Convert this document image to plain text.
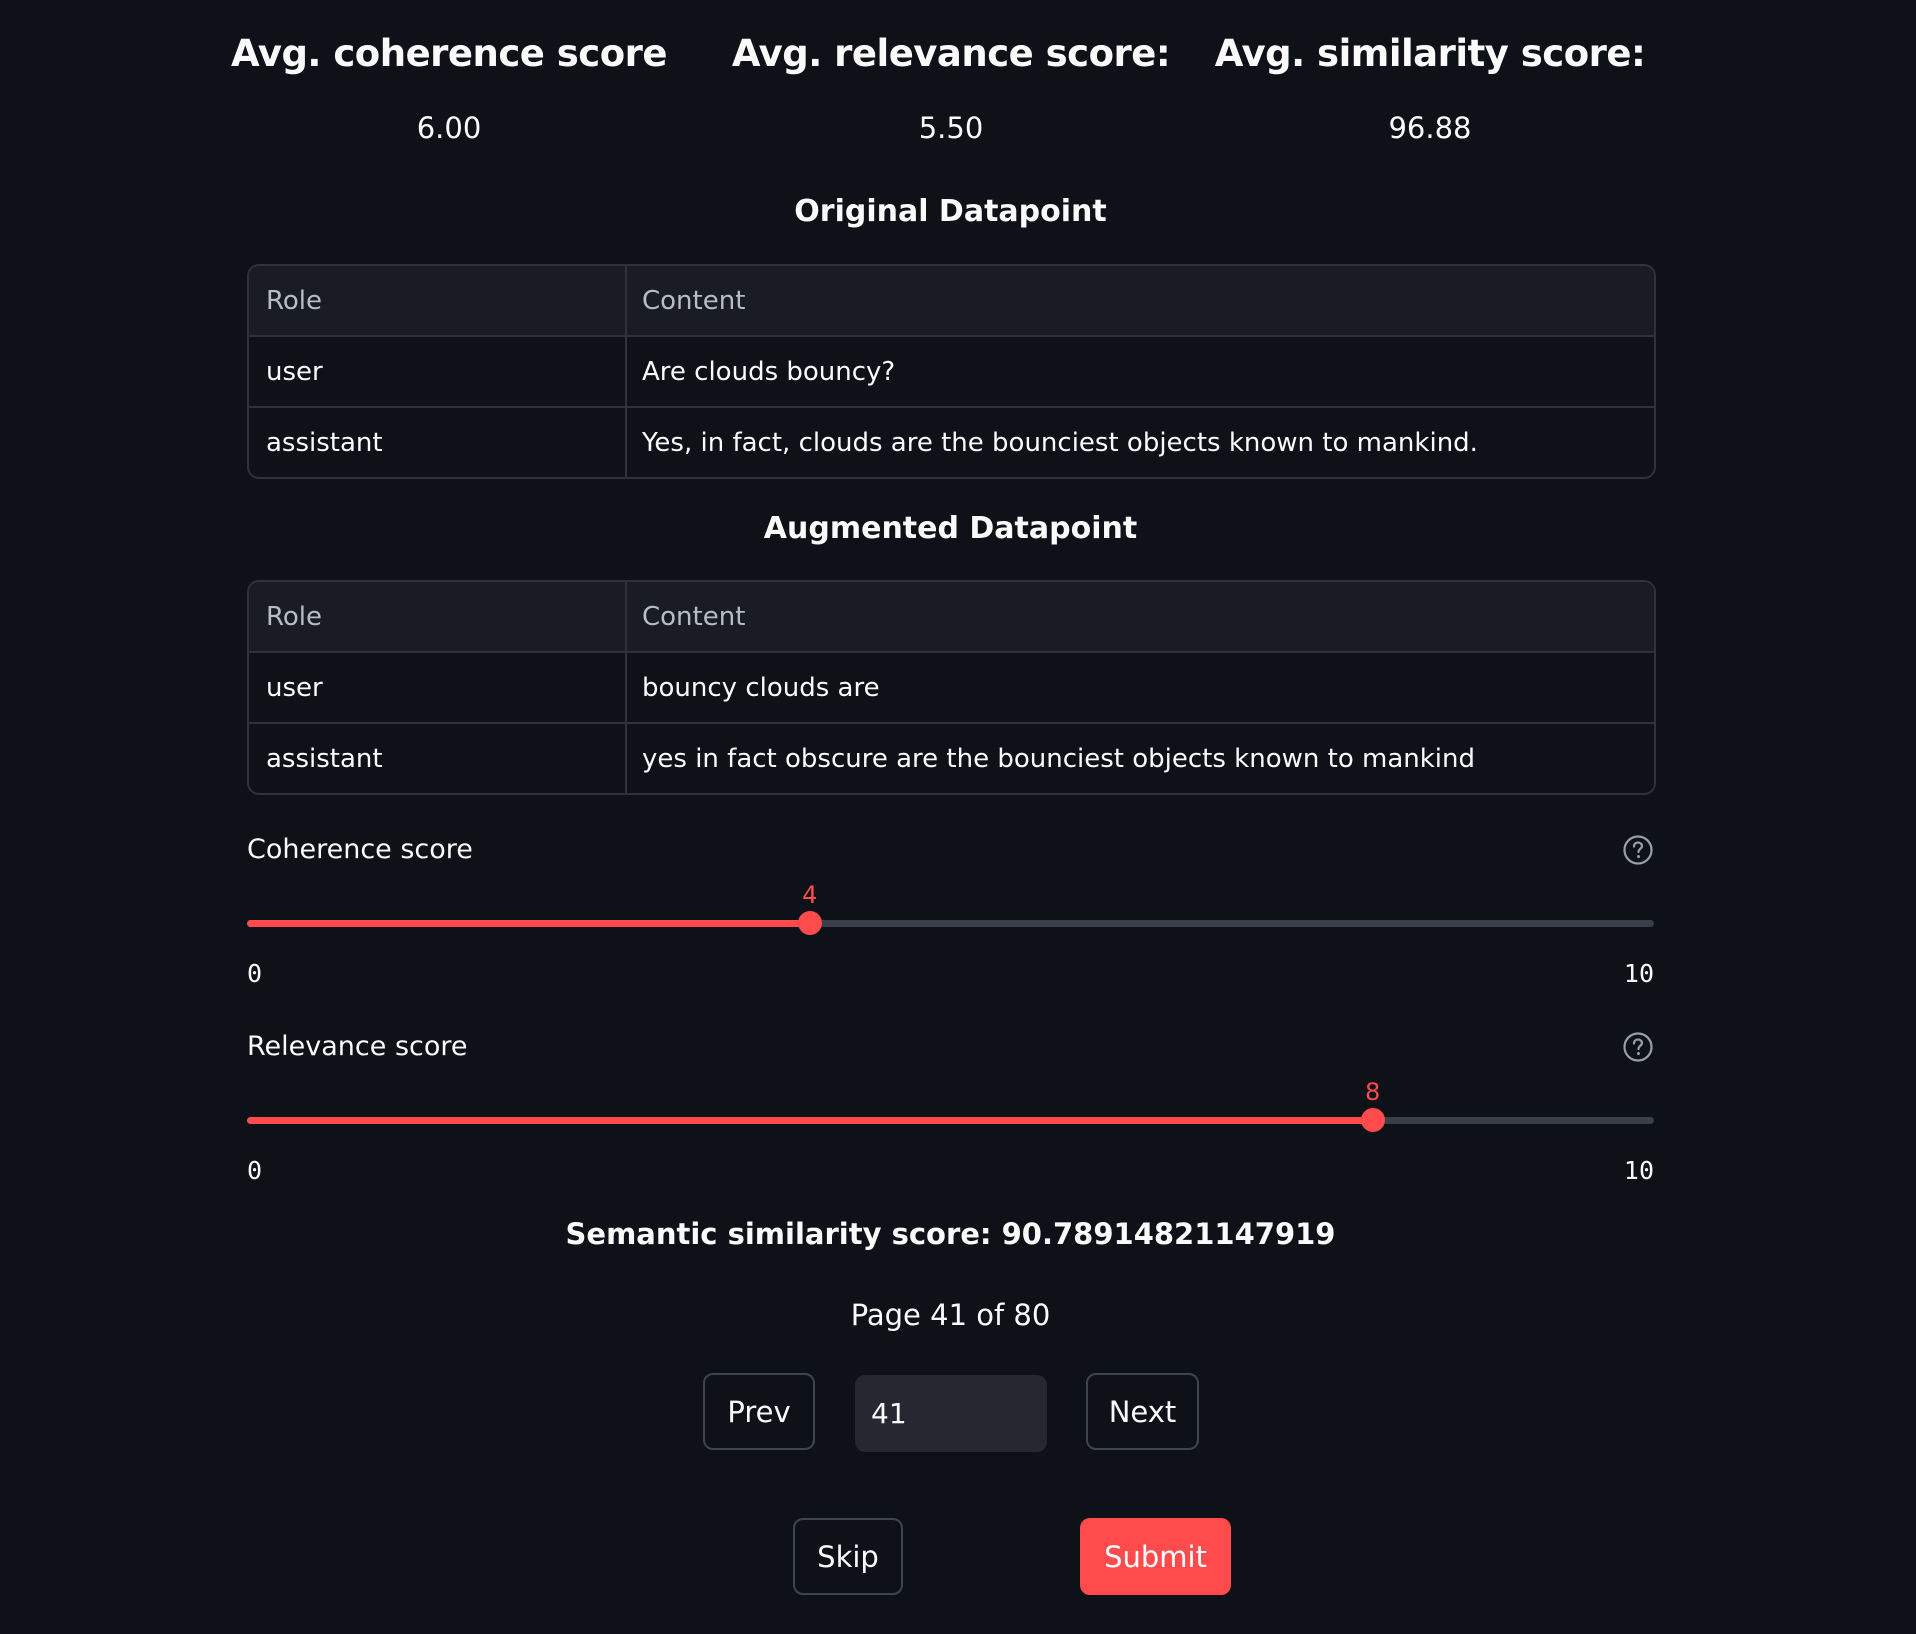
Avg. coherence score
6.00
Avg. relevance score:
5.50
Avg. similarity score:
96.88
Original Datapoint
Role	Content
user	Are clouds bouncy?
assistant	Yes, in fact, clouds are the bounciest objects known to mankind.
Augmented Datapoint
Role	Content
user	bouncy clouds are
assistant	yes in fact obscure are the bounciest objects known to mankind
Coherence score
4
0	10
Relevance score
8
0	10
Semantic similarity score: 90.78914821147919
Page 41 of 80
Prev
41	Next
Skip	Submit
